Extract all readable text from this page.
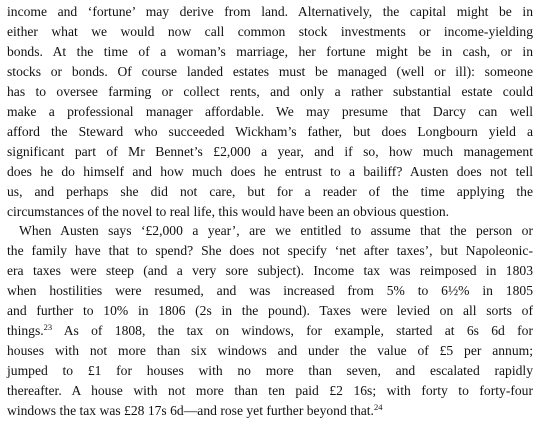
income and ‘fortune’ may derive from land. Alternatively, the capital might be in
either what we would now call common stock investments or income-yielding
bonds. At the time of a woman’s marriage, her fortune might be in cash, or in
stocks or bonds. Of course landed estates must be managed (well or ill): someone
has to oversee farming or collect rents, and only a rather substantial estate could
make a professional manager affordable. We may presume that Darcy can well
afford the Steward who succeeded Wickham’s father, but does Longbourn yield a
significant part of Mr Bennet’s £2,000 a year, and if so, how much management
does he do himself and how much does he entrust to a bailiff? Austen does not tell
us, and perhaps she did not care, but for a reader of the time applying the
circumstances of the novel to real life, this would have been an obvious question.
When Austen says ‘£2,000 a year’, are we entitled to assume that the person or
the family have that to spend? She does not specify ‘net after taxes’, but Napoleonic-
era taxes were steep (and a very sore subject). Income tax was reimposed in 1803
when hostilities were resumed, and was increased from 5% to 6½% in 1805
and further to 10% in 1806 (2s in the pound). Taxes were levied on all sorts of
things.$^{23}$ As of 1808, the tax on windows, for example, started at 6s 6d for
houses with not more than six windows and under the value of £5 per annum;
jumped to £1 for houses with no more than seven, and escalated rapidly
thereafter. A house with not more than ten paid £2 16s; with forty to forty-four
windows the tax was £28 17s 6d—and rose yet further beyond that.$^{24}$
